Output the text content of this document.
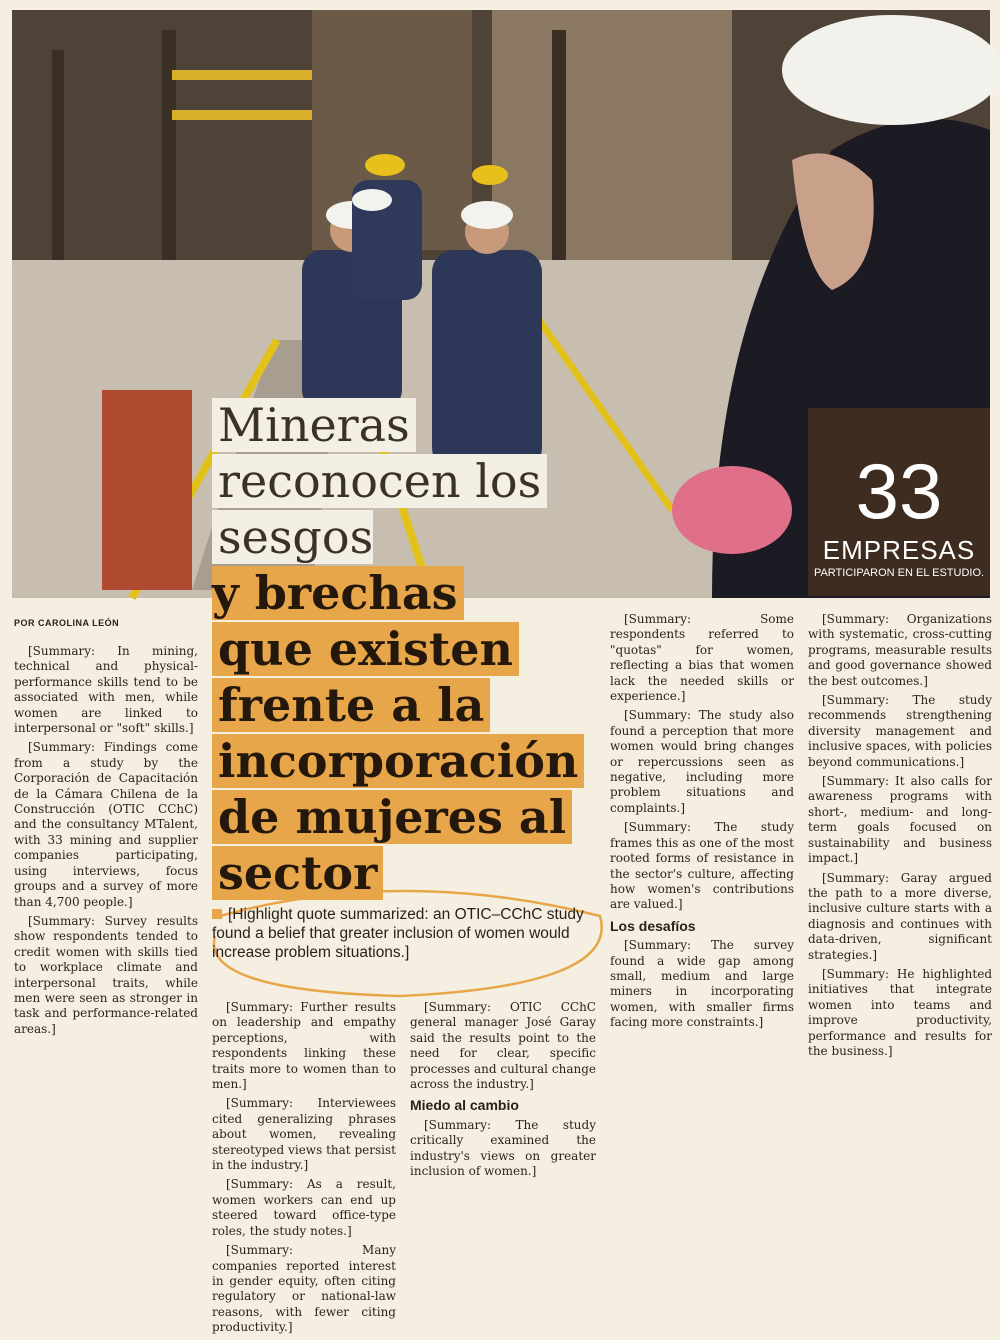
Mineras
reconocen los
sesgosy brechas
que existen
frente a la
incorporación
de mujeres al
sector
33
EMPRESAS
PARTICIPARON EN EL ESTUDIO.
POR CAROLINA LEÓN

[Summary: In mining, technical and physical-performance skills tend to be associated with men, while women are linked to interpersonal or "soft" skills.]

[Summary: Findings come from a study by the Corporación de Capacitación de la Cámara Chilena de la Construcción (OTIC CChC) and the consultancy MTalent, with 33 mining and supplier companies participating, using interviews, focus groups and a survey of more than 4,700 people.]

[Summary: Survey results show respondents tended to credit women with skills tied to workplace climate and interpersonal traits, while men were seen as stronger in task and performance-related areas.]

[Summary: Further results on leadership and empathy perceptions, with respondents linking these traits more to women than to men.]

[Summary: Interviewees cited generalizing phrases about women, revealing stereotyped views that persist in the industry.]

[Summary: As a result, women workers can end up steered toward office-type roles, the study notes.]

[Summary: Many companies reported interest in gender equity, often citing regulatory or national-law reasons, with fewer citing productivity.]

[Summary: OTIC CChC general manager José Garay said the results point to the need for clear, specific processes and cultural change across the industry.]

Miedo al cambio

[Summary: The study critically examined the industry's views on greater inclusion of women.]

[Summary: Some respondents referred to "quotas" for women, reflecting a bias that women lack the needed skills or experience.]

[Summary: The study also found a perception that more women would bring changes or repercussions seen as negative, including more problem situations and complaints.]

[Summary: The study frames this as one of the most rooted forms of resistance in the sector's culture, affecting how women's contributions are valued.]

Los desafíos

[Summary: The survey found a wide gap among small, medium and large miners in incorporating women, with smaller firms facing more constraints.]

[Summary: Organizations with systematic, cross-cutting programs, measurable results and good governance showed the best outcomes.]

[Summary: The study recommends strengthening diversity management and inclusive spaces, with policies beyond communications.]

[Summary: It also calls for awareness programs with short-, medium- and long-term goals focused on sustainability and business impact.]

[Summary: Garay argued the path to a more diverse, inclusive culture starts with a diagnosis and continues with data-driven, significant strategies.]

[Summary: He highlighted initiatives that integrate women into teams and improve productivity, performance and results for the business.]

[Highlight quote summarized: an OTIC–CChC study found a belief that greater inclusion of women would increase problem situations.]
